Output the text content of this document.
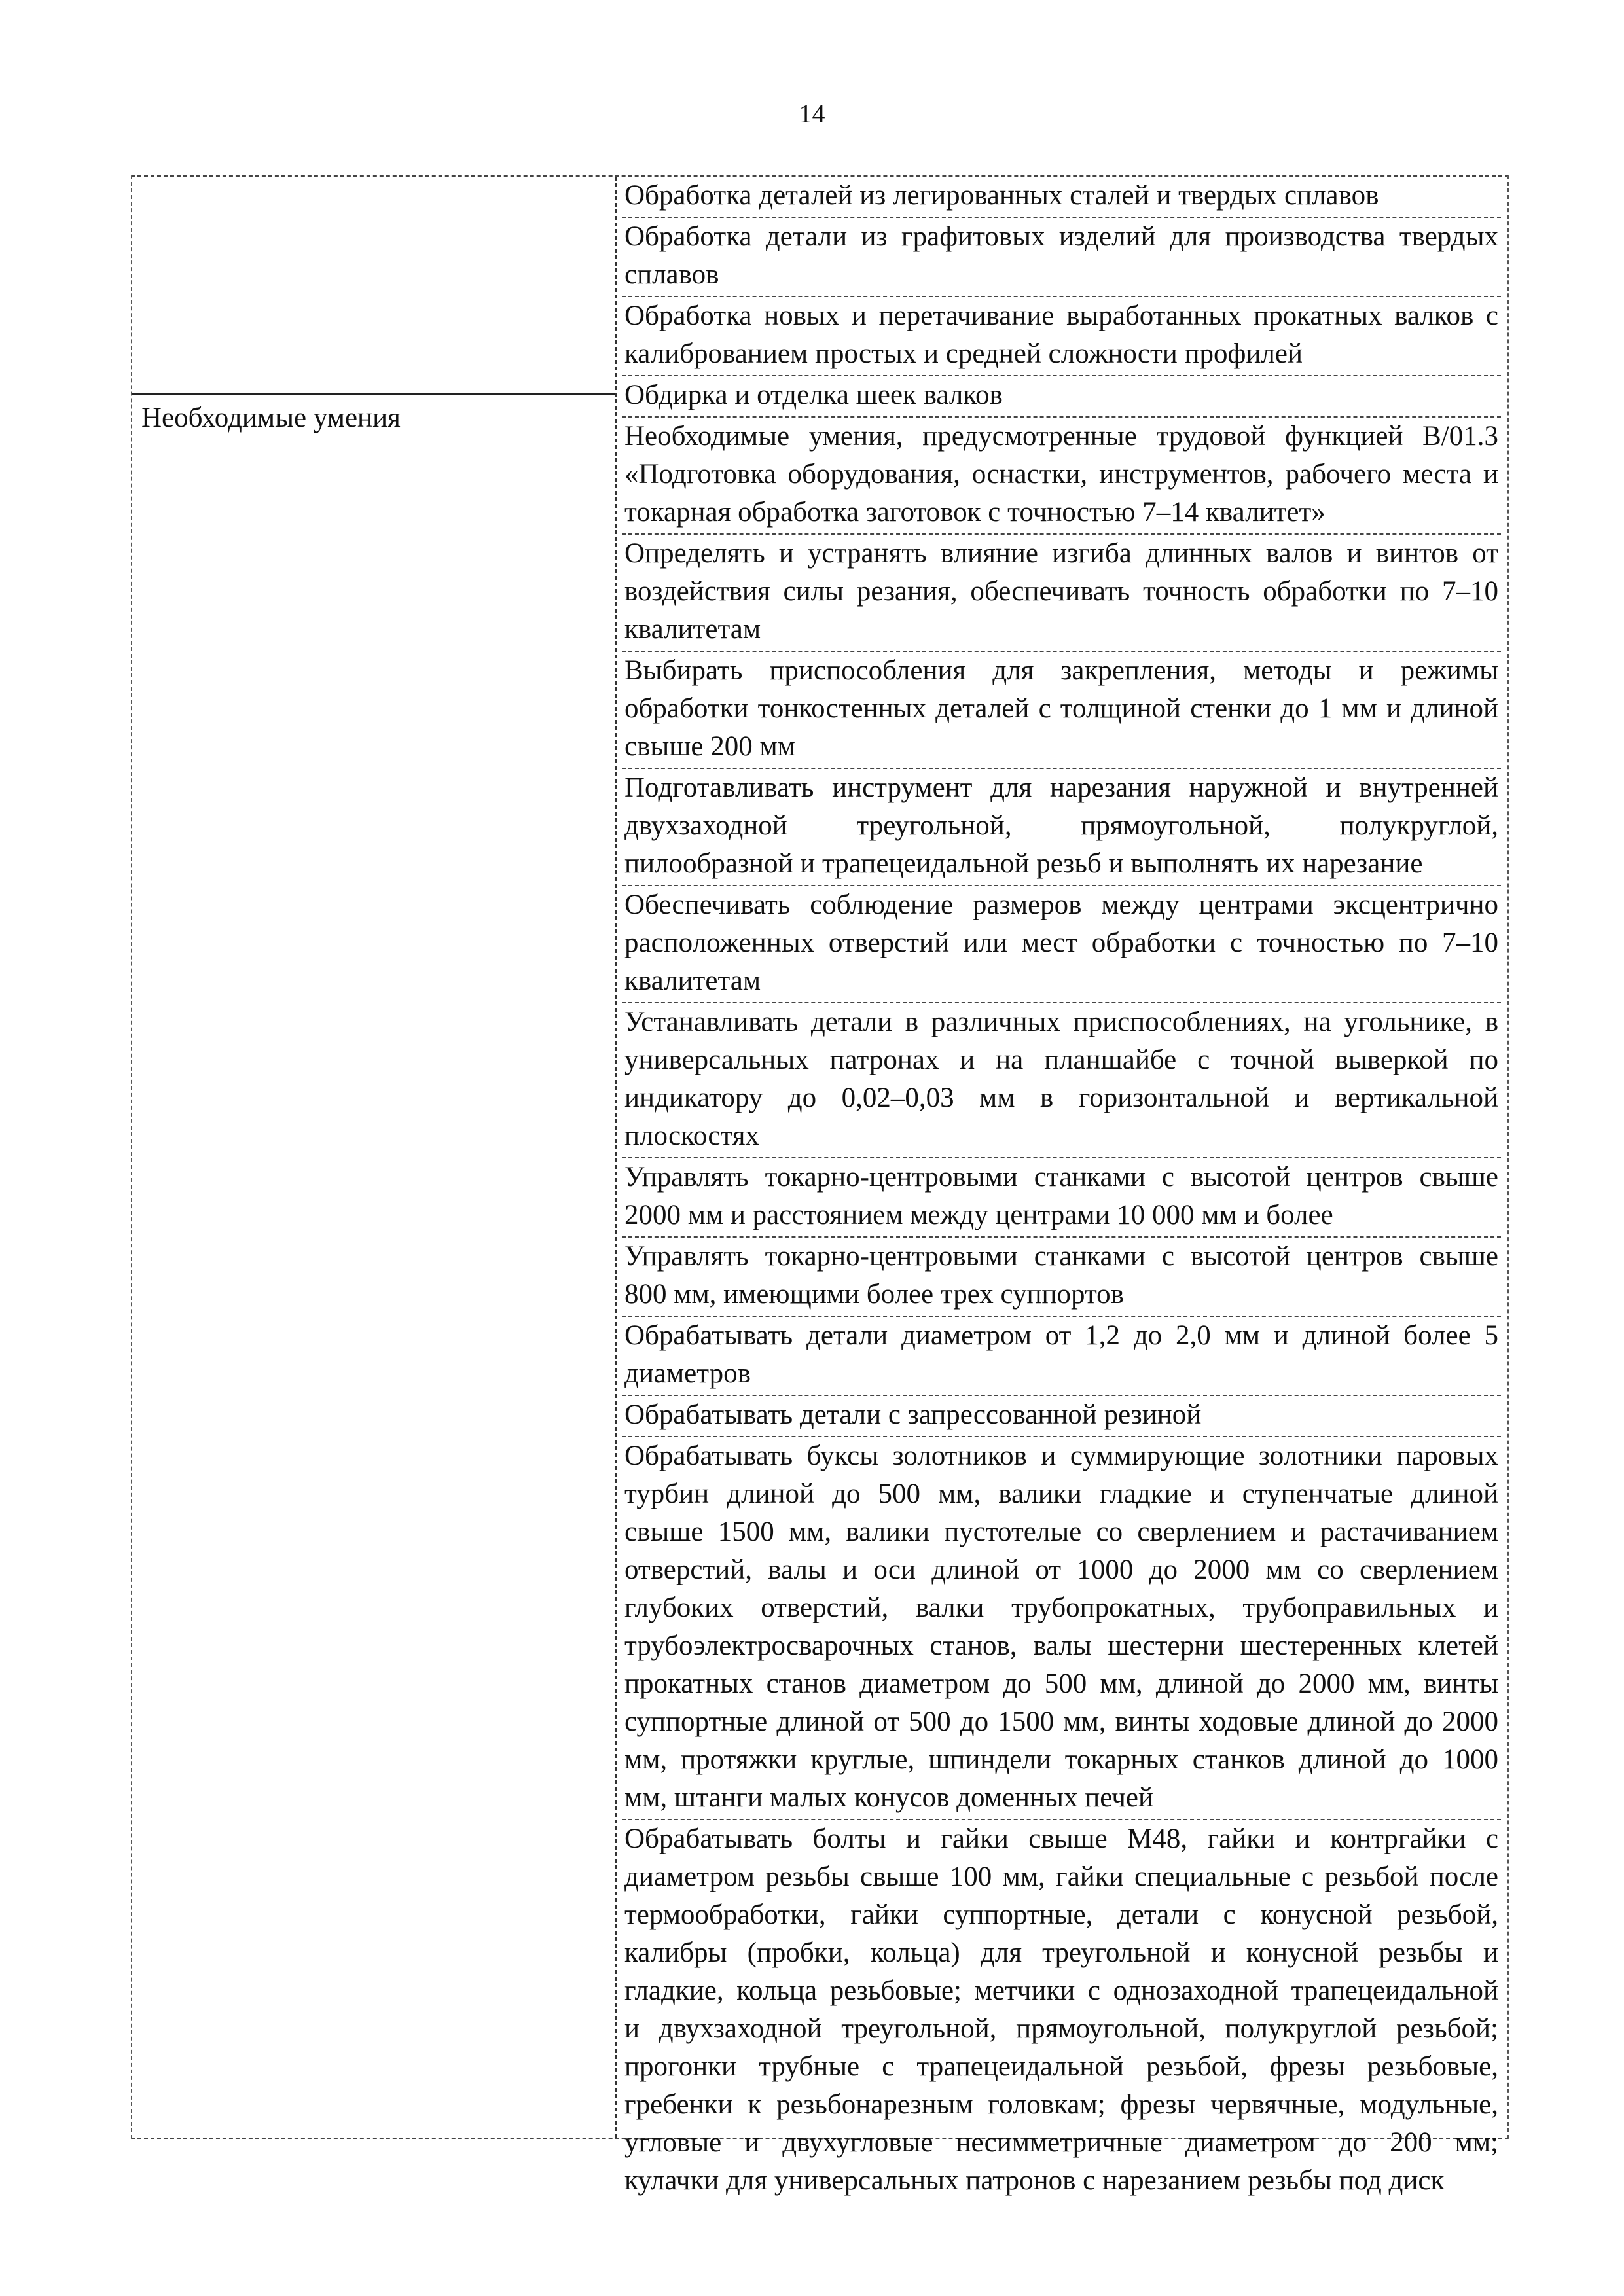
14
Необходимые умения
Обработка деталей из легированных сталей и твердых сплавов
Обработка детали из графитовых изделий для производства твердых
сплавов
Обработка новых и перетачивание выработанных прокатных валков с
калиброванием простых и средней сложности профилей
Обдирка и отделка шеек валков
Необходимые умения, предусмотренные трудовой функцией В/01.3
«Подготовка оборудования, оснастки, инструментов, рабочего места и
токарная обработка заготовок с точностью 7–14 квалитет»
Определять и устранять влияние изгиба длинных валов и винтов от
воздействия силы резания, обеспечивать точность обработки по 7–10
квалитетам
Выбирать приспособления для закрепления, методы и режимы
обработки тонкостенных деталей с толщиной стенки до 1 мм и длиной
свыше 200 мм
Подготавливать инструмент для нарезания наружной и внутренней
двухзаходной треугольной, прямоугольной, полукруглой,
пилообразной и трапецеидальной резьб и выполнять их нарезание
Обеспечивать соблюдение размеров между центрами эксцентрично
расположенных отверстий или мест обработки с точностью по 7–10
квалитетам
Устанавливать детали в различных приспособлениях, на угольнике, в
универсальных патронах и на планшайбе с точной выверкой по
индикатору до 0,02–0,03 мм в горизонтальной и вертикальной
плоскостях
Управлять токарно-центровыми станками с высотой центров свыше
2000 мм и расстоянием между центрами 10 000 мм и более
Управлять токарно-центровыми станками с высотой центров свыше
800 мм, имеющими более трех суппортов
Обрабатывать детали диаметром от 1,2 до 2,0 мм и длиной более 5
диаметров
Обрабатывать детали с запрессованной резиной
Обрабатывать буксы золотников и суммирующие золотники паровых
турбин длиной до 500 мм, валики гладкие и ступенчатые длиной
свыше 1500 мм, валики пустотелые со сверлением и растачиванием
отверстий, валы и оси длиной от 1000 до 2000 мм со сверлением
глубоких отверстий, валки трубопрокатных, трубоправильных и
трубоэлектросварочных станов, валы шестерни шестеренных клетей
прокатных станов диаметром до 500 мм, длиной до 2000 мм, винты
суппортные длиной от 500 до 1500 мм, винты ходовые длиной до 2000
мм, протяжки круглые, шпиндели токарных станков длиной до 1000
мм, штанги малых конусов доменных печей
Обрабатывать болты и гайки свыше М48, гайки и контргайки с
диаметром резьбы свыше 100 мм, гайки специальные с резьбой после
термообработки, гайки суппортные, детали с конусной резьбой,
калибры (пробки, кольца) для треугольной и конусной резьбы и
гладкие, кольца резьбовые; метчики с однозаходной трапецеидальной
и двухзаходной треугольной, прямоугольной, полукруглой резьбой;
прогонки трубные с трапецеидальной резьбой, фрезы резьбовые,
гребенки к резьбонарезным головкам; фрезы червячные, модульные,
угловые и двухугловые несимметричные диаметром до 200 мм;
кулачки для универсальных патронов с нарезанием резьбы под диск
